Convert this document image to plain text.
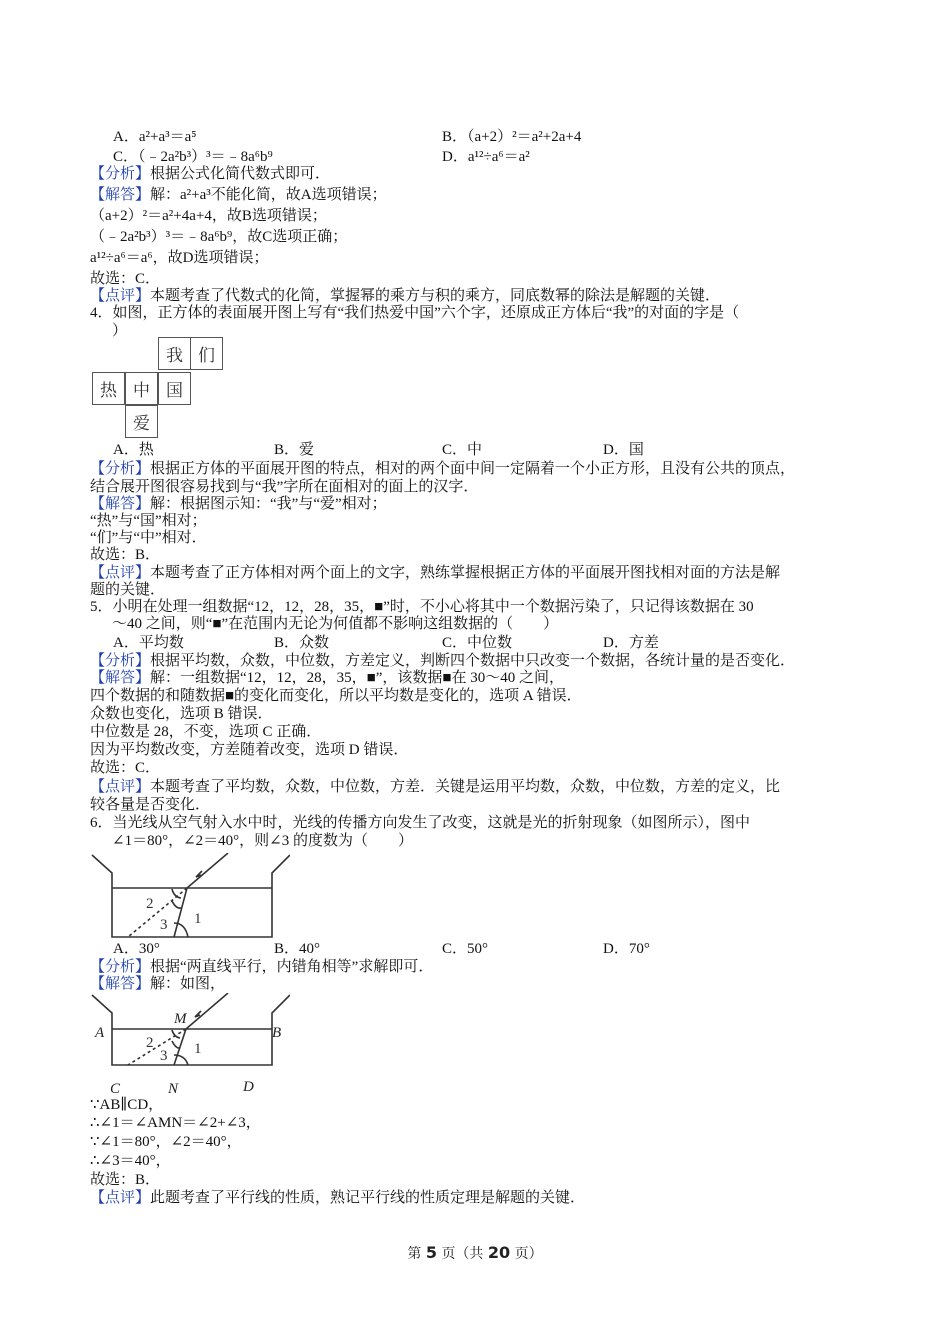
A．a²+a³＝a⁵	B．（a+2）²＝a²+2a+4
C．（﹣2a²b³）³＝﹣8a⁶b⁹	D．a¹²÷a⁶＝a²
【分析】根据公式化简代数式即可．
【解答】解：a²+a³不能化简，故A选项错误；
（a+2）²＝a²+4a+4，故B选项错误；
（﹣2a²b³）³＝﹣8a⁶b⁹，故C选项正确；
a¹²÷a⁶＝a⁶，故D选项错误；
故选：C．
【点评】本题考查了代数式的化简，掌握幂的乘方与积的乘方，同底数幂的除法是解题的关键．
4．如图，正方体的表面展开图上写有“我们热爱中国”六个字，还原成正方体后“我”的对面的字是（
）
我 们
热 中 国
爱
A．热	B．爱	C．中	D．国
【分析】根据正方体的平面展开图的特点，相对的两个面中间一定隔着一个小正方形，且没有公共的顶点，
结合展开图很容易找到与“我”字所在面相对的面上的汉字．
【解答】解：根据图示知：“我”与“爱”相对；
“热”与“国”相对；
“们”与“中”相对．
故选：B．
【点评】本题考查了正方体相对两个面上的文字，熟练掌握根据正方体的平面展开图找相对面的方法是解
题的关键．
5．小明在处理一组数据“12，12，28，35，■”时，不小心将其中一个数据污染了，只记得该数据在 30
～40 之间，则“■”在范围内无论为何值都不影响这组数据的（　　）
A．平均数	B．众数	C．中位数	D．方差
【分析】根据平均数，众数，中位数，方差定义，判断四个数据中只改变一个数据，各统计量的是否变化．
【解答】解：一组数据“12，12，28，35，■”，该数据■在 30～40 之间，
四个数据的和随数据■的变化而变化，所以平均数是变化的，选项 A 错误．
众数也变化，选项 B 错误．
中位数是 28，不变，选项 C 正确．
因为平均数改变，方差随着改变，选项 D 错误．
故选：C．
【点评】本题考查了平均数，众数，中位数，方差．关键是运用平均数，众数，中位数，方差的定义，比
较各量是否变化．
6．当光线从空气射入水中时，光线的传播方向发生了改变，这就是光的折射现象（如图所示），图中
∠1＝80°，∠2＝40°，则∠3 的度数为（　　）
2
3 1
A．30°	B．40°	C．50°	D．70°
【分析】根据“两直线平行，内错角相等”求解即可．
【解答】解：如图，
M
A	B
C	N	D
2
3 1
∵AB∥CD，
∴∠1＝∠AMN＝∠2+∠3，
∵∠1＝80°，∠2＝40°，
∴∠3＝40°，
故选：B．
【点评】此题考查了平行线的性质，熟记平行线的性质定理是解题的关键．
第 5 页（共 20 页）
